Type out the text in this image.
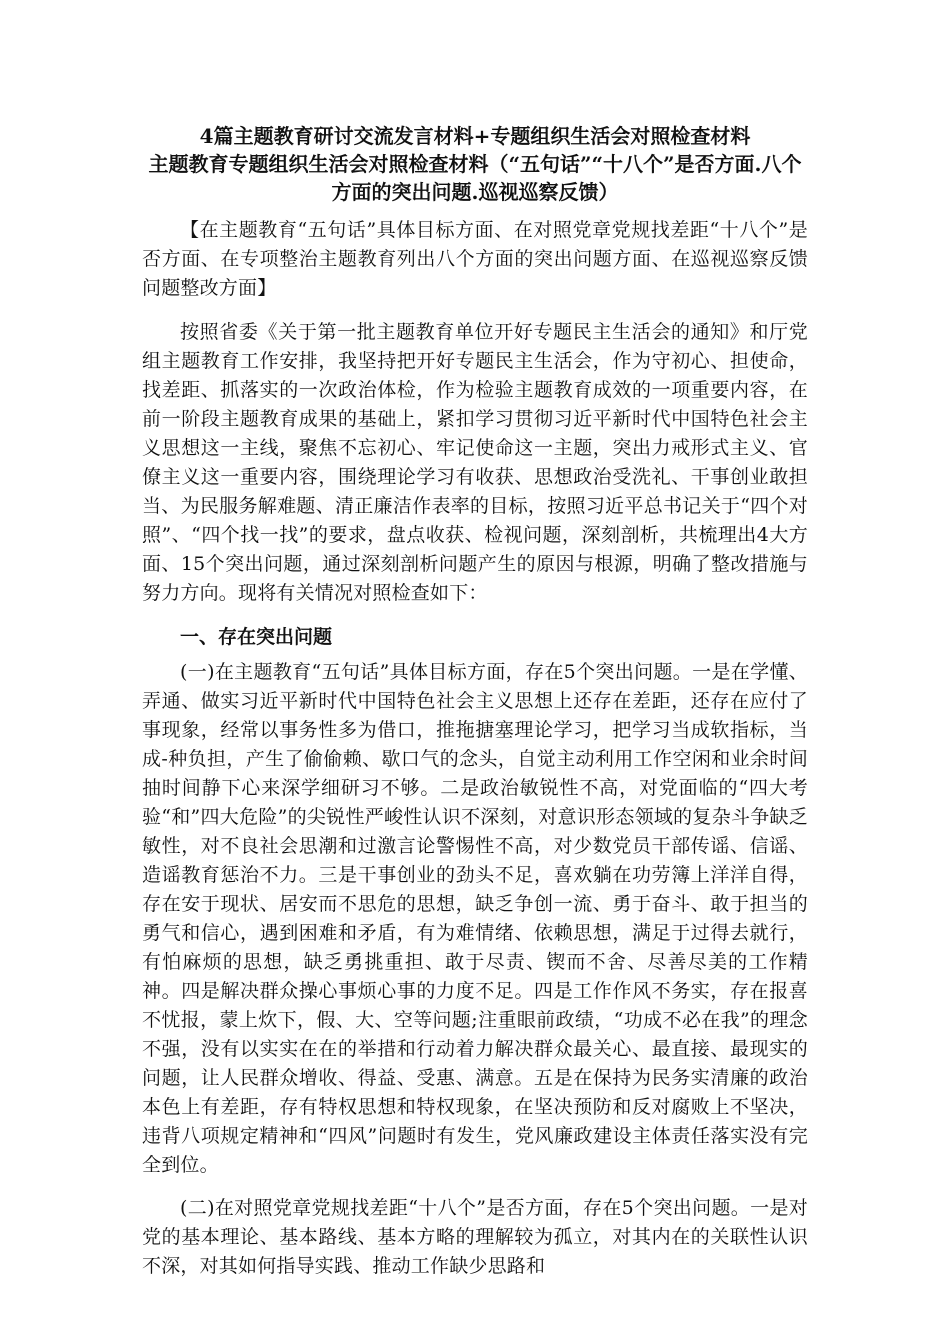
4篇主题教育研讨交流发言材料+专题组织生活会对照检查材料
主题教育专题组织生活会对照检查材料（“五句话”“十八个”是否方面.八个方面的突出问题.巡视巡察反馈）

【在主题教育“五句话”具体目标方面、在对照党章党规找差距“十八个”是否方面、在专项整治主题教育列出八个方面的突出问题方面、在巡视巡察反馈问题整改方面】

按照省委《关于第一批主题教育单位开好专题民主生活会的通知》和厅党组主题教育工作安排，我坚持把开好专题民主生活会，作为守初心、担使命，找差距、抓落实的一次政治体检，作为检验主题教育成效的一项重要内容，在前一阶段主题教育成果的基础上，紧扣学习贯彻习近平新时代中国特色社会主义思想这一主线，聚焦不忘初心、牢记使命这一主题，突出力戒形式主义、官僚主义这一重要内容，围绕理论学习有收获、思想政治受洗礼、干事创业敢担当、为民服务解难题、清正廉洁作表率的目标，按照习近平总书记关于“四个对照”、“四个找一找”的要求，盘点收获、检视问题，深刻剖析，共梳理出4大方面、15个突出问题，通过深刻剖析问题产生的原因与根源，明确了整改措施与努力方向。现将有关情况对照检查如下：

一、存在突出问题

(一)在主题教育“五句话”具体目标方面，存在5个突出问题。一是在学懂、弄通、做实习近平新时代中国特色社会主义思想上还存在差距，还存在应付了事现象，经常以事务性多为借口，推拖搪塞理论学习，把学习当成软指标，当成-种负担，产生了偷偷赖、歇口气的念头，自觉主动利用工作空闲和业余时间抽时间静下心来深学细研习不够。二是政治敏锐性不高，对党面临的“四大考验“和”四大危险”的尖锐性严峻性认识不深刻，对意识形态领域的复杂斗争缺乏敏性，对不良社会思潮和过激言论警惕性不高，对少数党员干部传谣、信谣、造谣教育惩治不力。三是干事创业的劲头不足，喜欢躺在功劳簿上洋洋自得，存在安于现状、居安而不思危的思想，缺乏争创一流、勇于奋斗、敢于担当的勇气和信心，遇到困难和矛盾，有为难情绪、依赖思想，满足于过得去就行，有怕麻烦的思想，缺乏勇挑重担、敢于尽责、锲而不舍、尽善尽美的工作精神。四是解决群众操心事烦心事的力度不足。四是工作作风不务实，存在报喜不忧报，蒙上炊下，假、大、空等问题;注重眼前政绩，“功成不必在我”的理念不强，没有以实实在在的举措和行动着力解决群众最关心、最直接、最现实的问题，让人民群众增收、得益、受惠、满意。五是在保持为民务实清廉的政治本色上有差距，存有特权思想和特权现象，在坚决预防和反对腐败上不坚决，违背八项规定精神和“四风”问题时有发生，党风廉政建设主体责任落实没有完全到位。

(二)在对照党章党规找差距“十八个”是否方面，存在5个突出问题。一是对党的基本理论、基本路线、基本方略的理解较为孤立，对其内在的关联性认识不深，对其如何指导实践、推动工作缺少思路和
